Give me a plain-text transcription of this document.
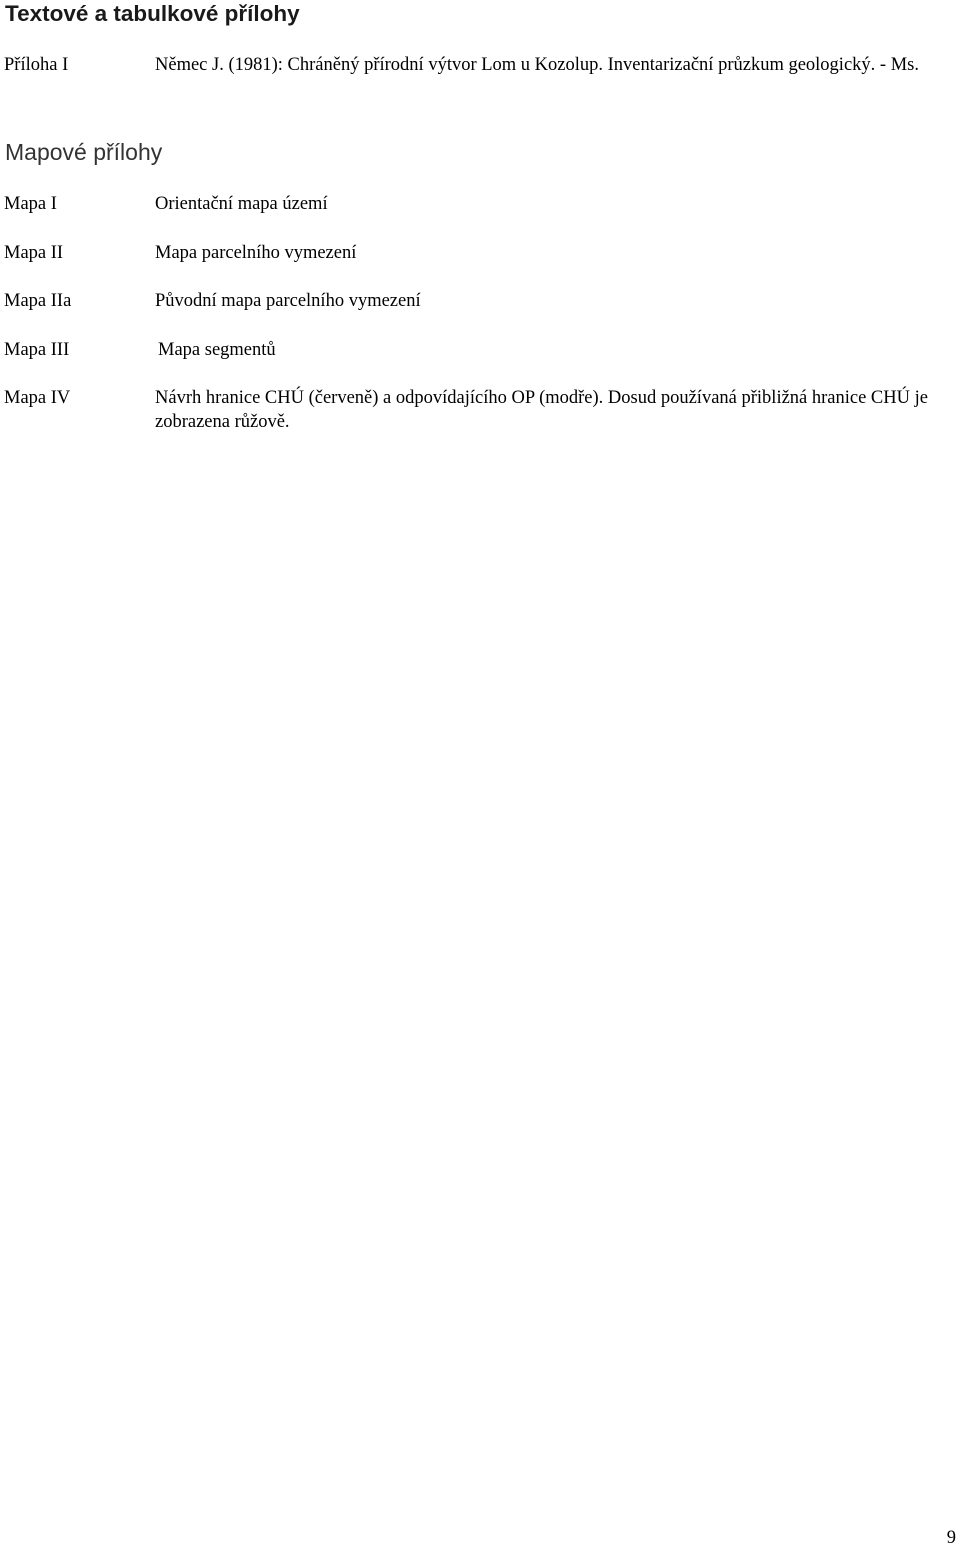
Textové a tabulkové přílohy
Příloha I	Němec J. (1981): Chráněný přírodní výtvor Lom u Kozolup. Inventarizační průzkum geologický. - Ms.
Mapové přílohy
Mapa I	Orientační mapa území
Mapa II	Mapa parcelního vymezení
Mapa IIa	Původní mapa parcelního vymezení
Mapa III	Mapa segmentů
Mapa IV	Návrh hranice CHÚ (červeně) a odpovídajícího OP (modře). Dosud používaná přibližná hranice CHÚ je zobrazena růžově.
9
